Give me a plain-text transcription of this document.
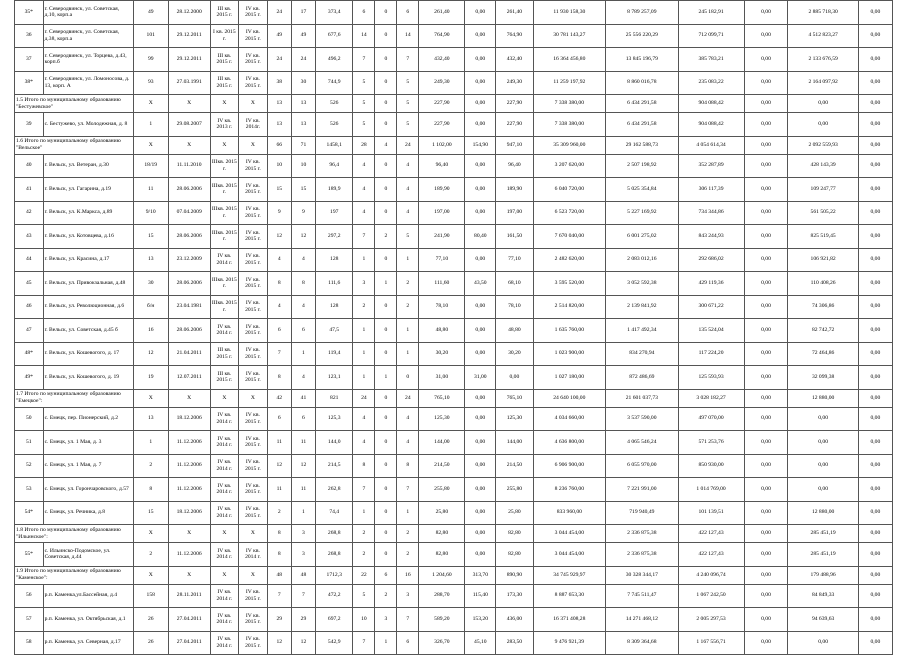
35*	г. Северодвинск, ул. Советская, д.10, корп.а	49	28.12.2000	III кв. 2015 г.	IV кв. 2015 г.	24	17	373,4	6	0	6	261,40	0,00	261,40	11 930 158,30	8 789 257,09	245 182,91	0,00	2 885 718,30	0,00
36	г. Северодвинск, ул. Советская, д.38, корп.а	101	29.12.2011	I кв. 2015 г.	IV кв. 2015 г.	49	49	677,6	14	0	14	764,90	0,00	764,90	30 781 143,27	25 556 220,29	712 099,71	0,00	4 512 823,27	0,00
37	г. Северодвинск, ул. Торцева, д.43, корп.б	99	29.12.2011	III кв. 2015 г.	IV кв. 2015 г.	24	24	496,2	7	0	7	432,40	0,00	432,40	16 364 456,80	13 845 196,79	385 783,21	0,00	2 133 676,59	0,00
38*	г. Северодвинск, ул. Ломоносова, д. 13, корп. А	93	27.03.1991	III кв. 2015 г.	IV кв. 2015 г.	38	30	744,9	5	0	5	249,30	0,00	249,30	11 259 197,92	8 860 016,78	235 083,22	0,00	2 164 097,92	0,00
1.5 Итого по муниципальному образованию "Бестужевское"		X	X	X	X	13	13	526	5	0	5	227,90	0,00	227,90	7 338 380,00	6 434 291,58	904 088,42	0,00	0,00	0,00
39	с. Бестужево, ул. Молодежная, д. 8	1	29.08.2007	IV кв. 2013 г.	IV кв. 2014г.	13	13	526	5	0	5	227,90	0,00	227,90	7 338 380,00	6 434 291,58	904 088,42	0,00	0,00	0,00
1.6 Итого по муниципальному образованию "Вельское"		X	X	X	X	66	71	1458,1	28	4	24	1 102,00	154,90	947,10	35 309 960,00	29 162 588,73	4 054 614,34	0,00	2 092 559,93	0,00
40	г. Вельск, ул. Ветеран, д.30	18/19	11.11.2010	IIIкв. 2015 г.	IV кв. 2015 г.	10	10	96,4	4	0	4	96,40	0,00	96,40	3 207 620,00	2 507 198,92	352 287,89	0,00	428 143,39	0,00
41	г. Вельск, ул. Гагарина, д.19	11	28.06.2006	IIIкв. 2015 г.	IV кв. 2015 г.	15	15	189,9	4	0	4	189,90	0,00	189,90	6 040 720,00	5 025 354,84	306 117,39	0,00	109 247,77	0,00
42	г. Вельск, ул. К.Маркса, д.89	9/10	07.04.2009	IIIкв. 2015 г.	IV кв. 2015 г.	9	9	197	4	0	4	197,00	0,00	197,00	6 523 720,00	5 227 169,92	734 344,86	0,00	561 505,22	0,00
43	г. Вельск, ул. Котовцева, д.16	15	28.06.2006	IIIкв. 2015 г.	IV кв. 2015 г.	12	12	297,2	7	2	5	241,90	80,40	161,50	7 670 040,00	6 001 275,02	843 244,93	0,00	825 519,45	0,00
44	г. Вельск, ул. Красина, д.17	13	23.12.2009	IV кв. 2014 г.	IV кв. 2015 г.	4	4	128	1	0	1	77,10	0,00	77,10	2 482 620,00	2 083 012,16	292 686,02	0,00	106 921,82	0,00
45	г. Вельск, ул. Привокзальная, д.48	30	28.06.2006	IIIкв. 2015 г.	IV кв. 2015 г.	8	8	111,6	3	1	2	111,60	43,50	68,10	3 595 520,00	3 052 592,38	429 119,36	0,00	110 408,26	0,00
46	г. Вельск, ул. Революционная, д.6	б/н	23.04.1981	IIIкв. 2015 г.	IV кв. 2015 г.	4	4	128	2	0	2	78,10	0,00	78,10	2 514 820,00	2 139 841,92	300 671,22	0,00	74 306,86	0,00
47	г. Вельск, ул. Советская, д.45 б	16	28.06.2006	IV кв. 2014 г.	IV кв. 2015 г.	6	6	47,5	1	0	1	48,80	0,00	48,80	1 635 760,00	1 417 492,34	135 524,04	0,00	82 742,72	0,00
48*	г. Вельск, ул. Кошевогого, д. 17	12	21.04.2011	III кв. 2015 г.	IV кв. 2015 г.	7	1	119,4	1	0	1	30,20	0,00	30,20	1 023 900,00	834 270,94	117 224,20	0,00	72 464,86	0,00
49*	г. Вельск, ул. Кошевогого, д. 19	19	12.07.2011	III кв. 2015 г.	IV кв. 2015 г.	8	4	123,1	1	1	0	31,00	31,00	0,00	1 027 180,00	872 486,69	125 593,93	0,00	32 099,38	0,00
1.7 Итого по муниципальному образованию "Емецкое":		X	X	X	X	42	41	821	24	0	24	765,10	0,00	765,10	24 640 100,00	21 601 037,73	3 028 182,27	0,00	12 880,00	0,00
50	с. Емецк, пер. Пионерский, д.2	13	18.12.2006	IV кв. 2014 г.	IV кв. 2015 г.	6	6	125,3	4	0	4	125,30	0,00	125,30	4 034 660,00	3 537 590,00	497 070,00	0,00	0,00	0,00
51	с. Емецк, ул. 1 Мая, д. 3	1	11.12.2006	IV кв. 2014 г.	IV кв. 2015 г.	11	11	144,0	4	0	4	144,00	0,00	144,00	4 636 800,00	4 065 546,24	571 253,76	0,00	0,00	0,00
52	с. Емецк, ул. 1 Мая, д. 7	2	11.12.2006	IV кв. 2014 г.	IV кв. 2015 г.	12	12	214,5	8	0	8	214,50	0,00	214,50	6 906 900,00	6 055 970,00	850 930,00	0,00	0,00	0,00
53	с. Емецк, ул. Горончаровского, д.57	8	11.12.2006	IV кв. 2014 г.	IV кв. 2015 г.	11	11	262,8	7	0	7	255,80	0,00	255,80	8 236 760,00	7 221 991,00	1 014 769,00	0,00	0,00	0,00
54*	с. Емецк, ул. Речника, д.8	15	18.12.2006	IV кв. 2014 г.	IV кв. 2015 г.	2	1	74,4	1	0	1	25,80	0,00	25,80	833 960,00	719 940,49	101 139,51	0,00	12 880,00	0,00
1.8 Итого по муниципальному образованию "Ильинское":		X	X	X	X	8	3	268,8	2	0	2	82,80	0,00	82,80	3 044 454,00	2 336 875,38	422 127,43	0,00	285 451,19	0,00
55*	с. Ильинско-Подомское, ул. Советская, д.44	2	11.12.2006	IV кв. 2014 г.	IV кв. 2014 г.	8	3	268,8	2	0	2	82,80	0,00	82,80	3 044 454,00	2 336 875,38	422 127,43	0,00	285 451,19	0,00
1.9 Итого по муниципальному образованию "Каменское":		X	X	X	X	48	48	1712,3	22	6	16	1 204,60	313,70	890,90	34 745 929,97	30 328 344,17	4 240 096,74	0,00	179 488,96	0,00
56	р.п. Каменка,ул.Бассейная, д.4	158	28.11.2011	IV кв. 2014 г.	IV кв. 2015 г.	7	7	472,2	5	2	3	288,70	115,40	173,30	8 887 653,30	7 745 511,47	1 067 242,50	0,00	84 849,33	0,00
57	р.п. Каменка, ул. Октябрьская, д.1	26	27.04.2011	IV кв. 2014 г.	IV кв. 2015 г.	29	29	697,2	10	3	7	589,20	153,20	436,00	16 371 408,28	14 271 468,12	2 005 297,53	0,00	94 639,63	0,00
58	р.п. Каменка, ул. Северная, д.17	26	27.04.2011	IV кв. 2014 г.	IV кв. 2015 г.	12	12	542,9	7	1	6	326,70	45,10	283,50	9 476 921,39	8 309 364,68	1 167 556,71	0,00	0,00	0,00
